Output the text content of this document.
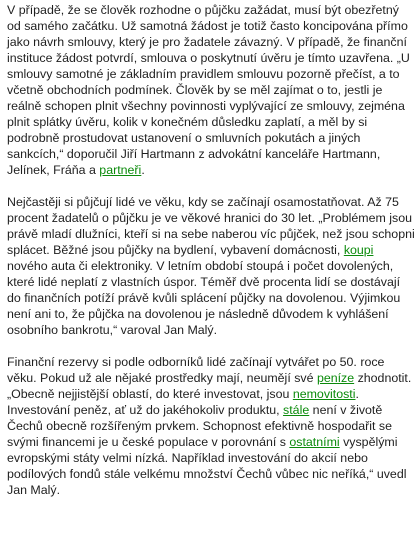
V případě, že se člověk rozhodne o půjčku zažádat, musí být obezřetný od samého začátku. Už samotná žádost je totiž často koncipována přímo jako návrh smlouvy, který je pro žadatele závazný. V případě, že finanční instituce žádost potvrdí, smlouva o poskytnutí úvěru je tímto uzavřena. „U smlouvy samotné je základním pravidlem smlouvu pozorně přečíst, a to včetně obchodních podmínek. Člověk by se měl zajímat o to, jestli je reálně schopen plnit všechny povinnosti vyplývající ze smlouvy, zejména plnit splátky úvěru, kolik v konečném důsledku zaplatí, a měl by si podrobně prostudovat ustanovení o smluvních pokutách a jiných sankcích,“ doporučil Jiří Hartmann z advokátní kanceláře Hartmann, Jelínek, Fráňa a partneři.

Nejčastěji si půjčují lidé ve věku, kdy se začínají osamostatňovat. Až 75 procent žadatelů o půjčku je ve věkové hranici do 30 let. „Problémem jsou právě mladí dlužníci, kteří si na sebe naberou víc půjček, než jsou schopni splácet. Běžné jsou půjčky na bydlení, vybavení domácnosti, koupi nového auta či elektroniky. V letním období stoupá i počet dovolených, které lidé neplatí z vlastních úspor. Téměř dvě procenta lidí se dostávají do finančních potíží právě kvůli splácení půjčky na dovolenou. Výjimkou není ani to, že půjčka na dovolenou je následně důvodem k vyhlášení osobního bankrotu,“ varoval Jan Malý.

Finanční rezervy si podle odborníků lidé začínají vytvářet po 50. roce věku. Pokud už ale nějaké prostředky mají, neumějí své peníze zhodnotit. „Obecně nejjistější oblastí, do které investovat, jsou nemovitosti. Investování peněz, ať už do jakéhokoliv produktu, stále není v životě Čechů obecně rozšířeným prvkem. Schopnost efektivně hospodařit se svými financemi je u české populace v porovnání s ostatními vyspělými evropskými státy velmi nízká. Například investování do akcií nebo podílových fondů stále velkému množství Čechů vůbec nic neříká,“ uvedl Jan Malý.
